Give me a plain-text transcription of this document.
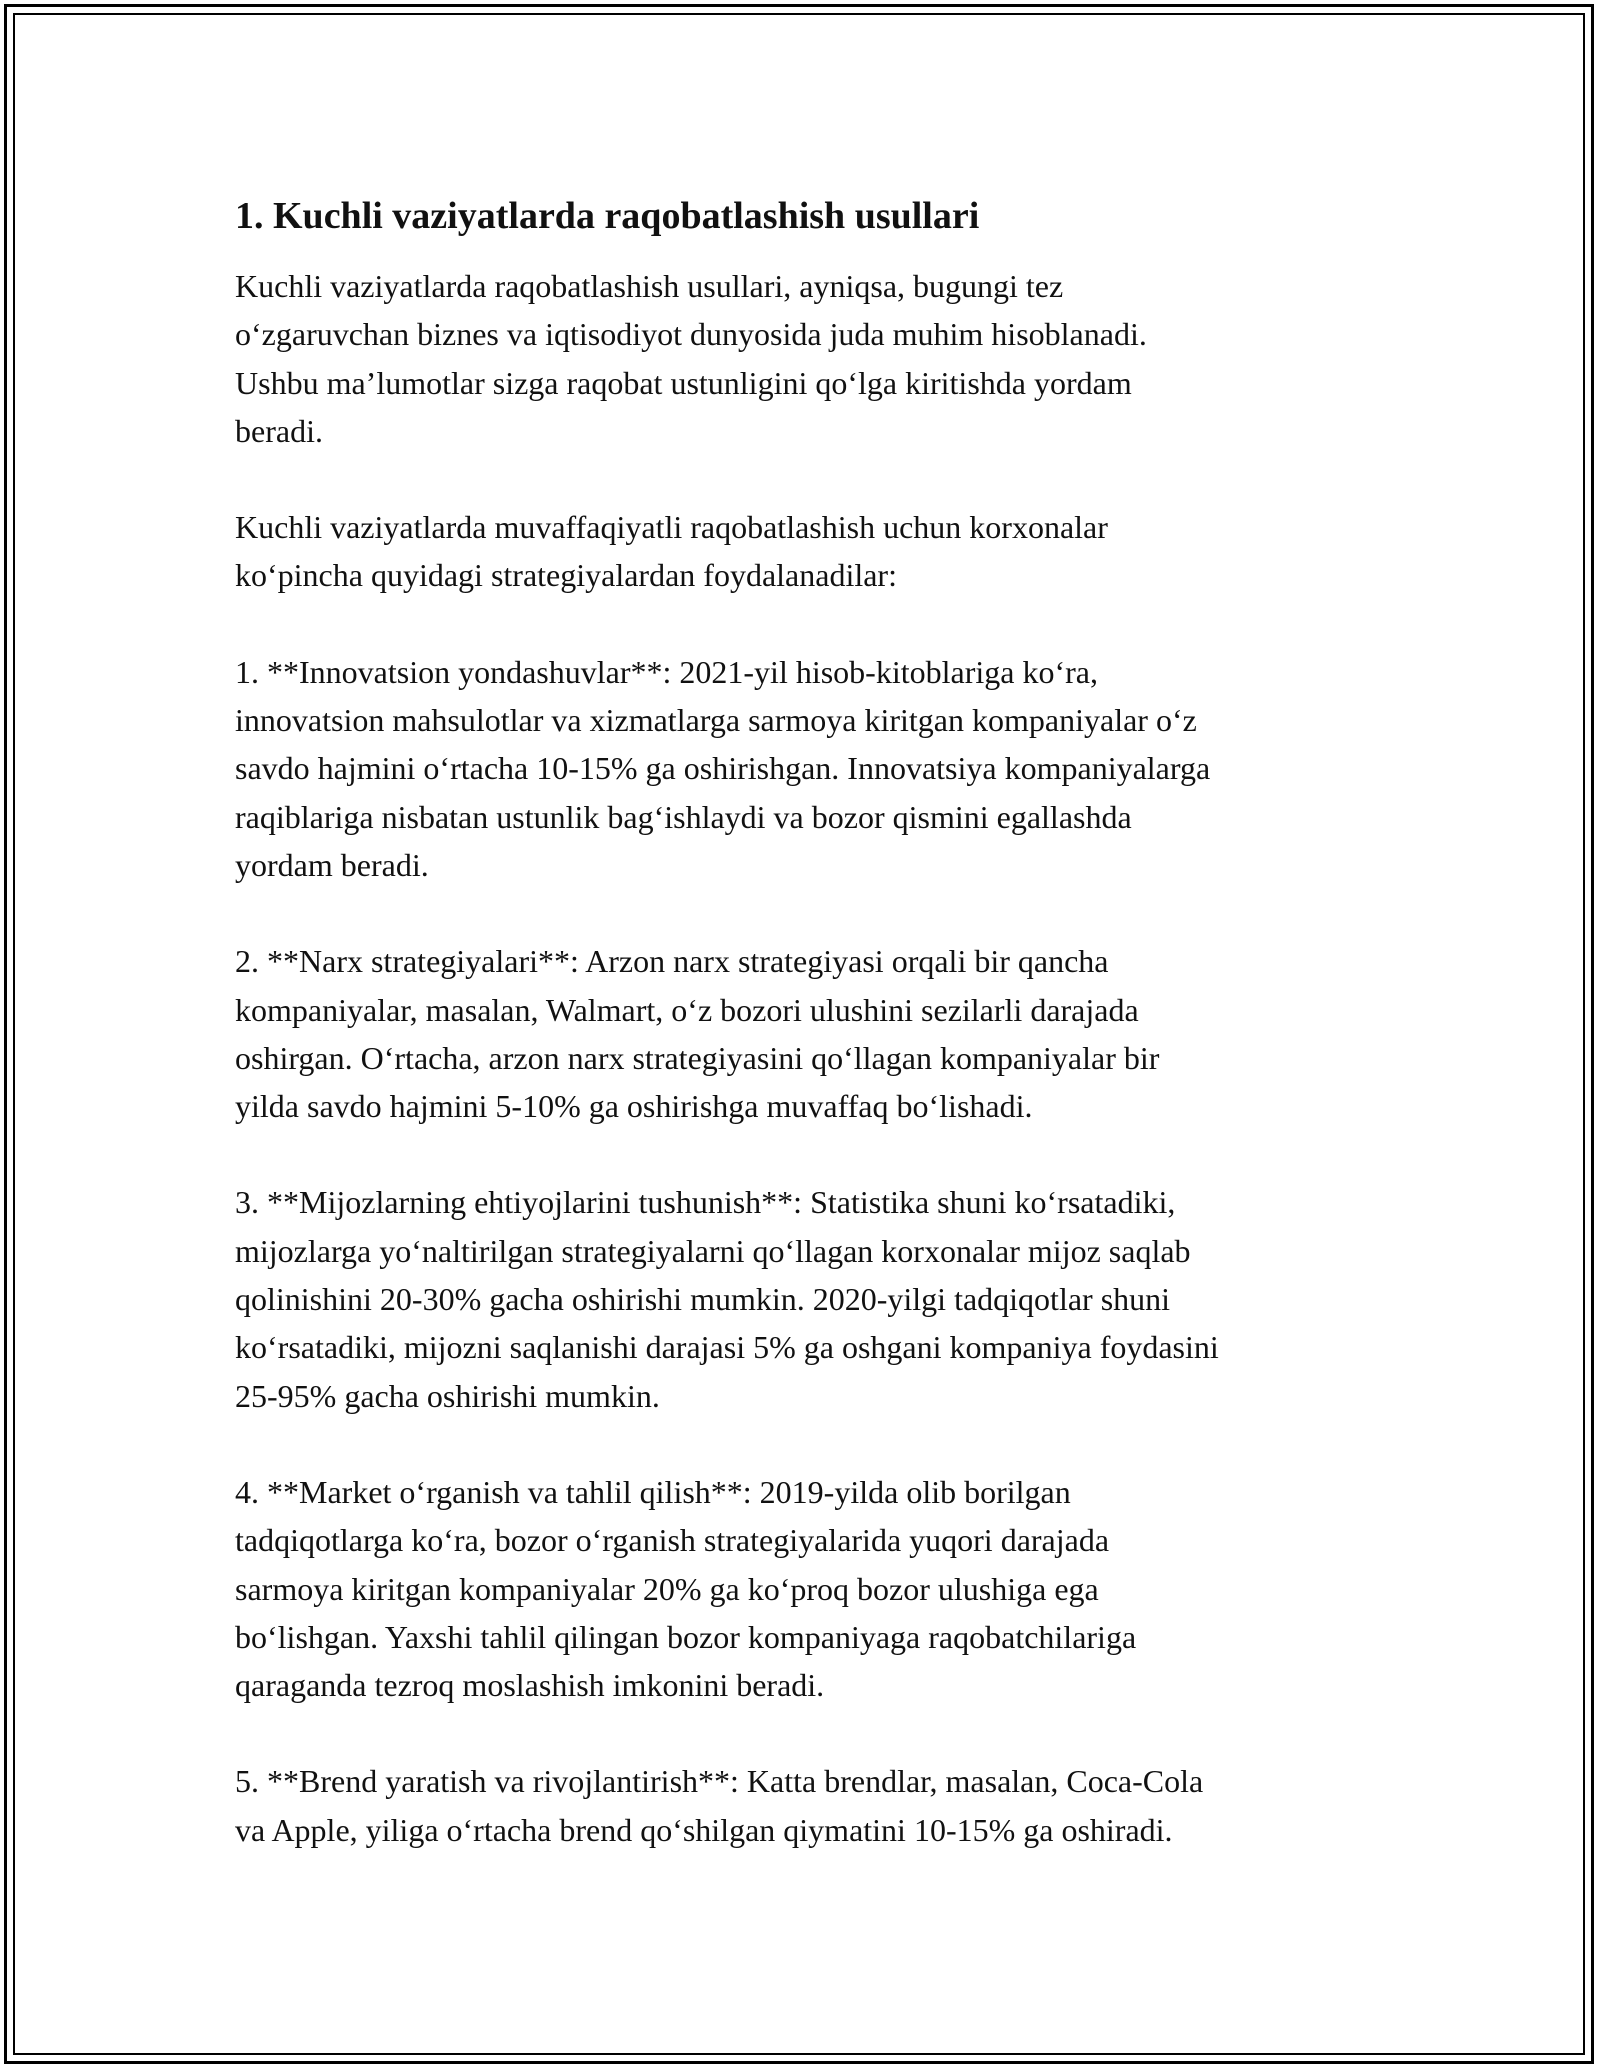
1. Kuchli vaziyatlarda raqobatlashish usullari

Kuchli vaziyatlarda raqobatlashish usullari, ayniqsa, bugungi tez
o‘zgaruvchan biznes va iqtisodiyot dunyosida juda muhim hisoblanadi.
Ushbu ma’lumotlar sizga raqobat ustunligini qo‘lga kiritishda yordam
beradi.

Kuchli vaziyatlarda muvaffaqiyatli raqobatlashish uchun korxonalar
ko‘pincha quyidagi strategiyalardan foydalanadilar:

1. **Innovatsion yondashuvlar**: 2021-yil hisob-kitoblariga ko‘ra,
innovatsion mahsulotlar va xizmatlarga sarmoya kiritgan kompaniyalar o‘z
savdo hajmini o‘rtacha 10-15% ga oshirishgan. Innovatsiya kompaniyalarga
raqiblariga nisbatan ustunlik bag‘ishlaydi va bozor qismini egallashda
yordam beradi.

2. **Narx strategiyalari**: Arzon narx strategiyasi orqali bir qancha
kompaniyalar, masalan, Walmart, o‘z bozori ulushini sezilarli darajada
oshirgan. O‘rtacha, arzon narx strategiyasini qo‘llagan kompaniyalar bir
yilda savdo hajmini 5-10% ga oshirishga muvaffaq bo‘lishadi.

3. **Mijozlarning ehtiyojlarini tushunish**: Statistika shuni ko‘rsatadiki,
mijozlarga yo‘naltirilgan strategiyalarni qo‘llagan korxonalar mijoz saqlab
qolinishini 20-30% gacha oshirishi mumkin. 2020-yilgi tadqiqotlar shuni
ko‘rsatadiki, mijozni saqlanishi darajasi 5% ga oshgani kompaniya foydasini
25-95% gacha oshirishi mumkin.

4. **Market o‘rganish va tahlil qilish**: 2019-yilda olib borilgan
tadqiqotlarga ko‘ra, bozor o‘rganish strategiyalarida yuqori darajada
sarmoya kiritgan kompaniyalar 20% ga ko‘proq bozor ulushiga ega
bo‘lishgan. Yaxshi tahlil qilingan bozor kompaniyaga raqobatchilariga
qaraganda tezroq moslashish imkonini beradi.

5. **Brend yaratish va rivojlantirish**: Katta brendlar, masalan, Coca-Cola
va Apple, yiliga o‘rtacha brend qo‘shilgan qiymatini 10-15% ga oshiradi.
